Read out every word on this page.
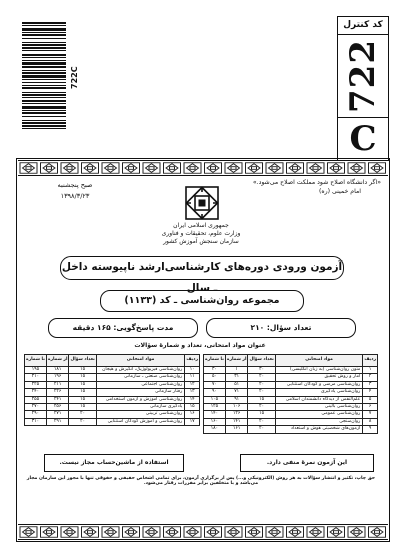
کد کنترل
722
C
722C
«اگر دانشگاه اصلاح شود مملکت اصلاح می‌شود.»
امام خمینی (ره)
صبح پنجشنبه
۱۳۹۸/۳/۲۳
جمهوری اسلامی ایران
وزارت علوم، تحقیقات و فناوری
سازمان سنجش آموزش کشور
آزمون ورودی دوره‌های کارشناسی‌ارشد ناپیوسته داخل ـ سال
مجموعه روان‌شناسی ـ کد (۱۱۳۳)
تعداد سؤال: ۲۱۰
مدت پاسخ‌گویی: ۱۶۵ دقیقه
عنوان مواد امتحانی، تعداد و شمارهٔ سؤالات
ردیف	مواد امتحانی	تعداد سؤال	از شماره	تا شماره
۱	متون روان‌شناسی (به زبان انگلیسی)	۳۰	۱	۳۰
۲	آمار و روش تحقیق	۲۰	۳۱	۵۰
۳	روان‌شناسی مرضی و کودکان استثنایی	۲۰	۵۱	۷۰
۴	روان‌شناسی یادگیری	۲۰	۷۱	۹۰
۵	علم‌النفس از دیدگاه دانشمندان اسلامی	۱۵	۹۱	۱۰۵
۶	روان‌شناسی بالینی	۲۰	۱۰۶	۱۲۵
۷	روان‌شناسی عمومی	۱۵	۱۲۶	۱۴۰
۸	روان‌سنجی	۲۰	۱۴۱	۱۶۰
۹	آزمون‌های شخصیتی هوش و استعداد	۲۰	۱۶۱	۱۸۰
ردیف	مواد امتحانی	تعداد سؤال	از شماره	تا شماره
۱۰	روان‌شناسی فیزیولوژیک، انگیزش و هیجان	۱۵	۱۸۱	۱۹۵
۱۱	روان‌شناسی صنعتی ـ سازمانی	۱۵	۱۹۶	۲۱۰
۱۲	روان‌شناسی اجتماعی	۱۵	۲۱۱	۲۲۵
۱۳	رفتار سازمانی	۱۵	۲۲۶	۲۴۰
۱۴	روان‌شناسی آموزش و آزمون استخدامی	۱۵	۲۴۱	۲۵۵
۱۵	یادگیری سازمانی	۱۵	۲۵۶	۲۷۰
۱۶	روان‌شناسی تربیتی	۲۰	۲۷۱	۲۹۰
۱۷	روان‌شناسی و آموزش کودکان استثنایی	۲۰	۲۹۱	۳۱۰
این آزمون نمرهٔ منفی دارد.
استفاده از ماشین‌حساب مجاز نیست.
حق چاپ، تکثیر و انتشار سؤالات به هر روش (الکترونیکی و...) پس از برگزاری آزمون، برای تمامی اشخاص حقیقی و حقوقی تنها با مجوز این سازمان مجاز می‌باشد و با متخلفین برابر مقررات رفتار می‌شود.
